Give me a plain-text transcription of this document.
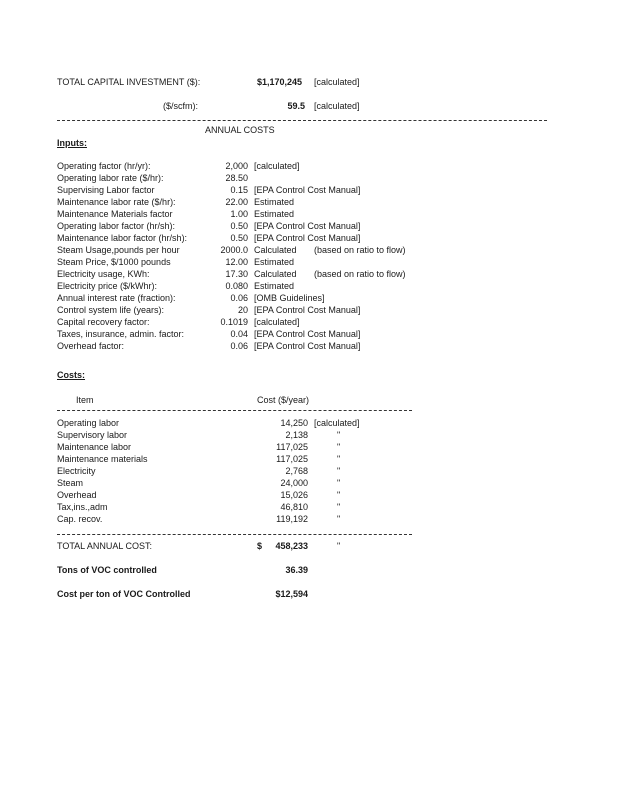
TOTAL CAPITAL INVESTMENT ($):	$1,170,245 [calculated]
($/scfm):	59.5 [calculated]
ANNUAL COSTS
Inputs:
Operating factor (hr/yr):	2,000 [calculated]
Operating labor rate ($/hr):	28.50
Supervising Labor factor	0.15 [EPA Control Cost Manual]
Maintenance labor rate ($/hr):	22.00 Estimated
Maintenance Materials factor	1.00 Estimated
Operating labor factor (hr/sh):	0.50 [EPA Control Cost Manual]
Maintenance labor factor (hr/sh):	0.50 [EPA Control Cost Manual]
Steam Usage,pounds per hour	2000.0 Calculated (based on ratio to flow)
Steam Price, $/1000 pounds	12.00 Estimated
Electricity usage, KWh:	17.30 Calculated (based on ratio to flow)
Electricity price ($/kWhr):	0.080 Estimated
Annual interest rate (fraction):	0.06 [OMB Guidelines]
Control system life (years):	20 [EPA Control Cost Manual]
Capital recovery factor:	0.1019 [calculated]
Taxes, insurance, admin. factor:	0.04 [EPA Control Cost Manual]
Overhead factor:	0.06 [EPA Control Cost Manual]
Costs:
Item	Cost ($/year)
Operating labor	14,250 [calculated]
Supervisory labor	2,138	"
Maintenance labor	117,025	"
Maintenance materials	117,025	"
Electricity	2,768	"
Steam	24,000	"
Overhead	15,026	"
Tax,ins.,adm	46,810	"
Cap. recov.	119,192	"
TOTAL ANNUAL COST:	$	458,233	"
Tons of VOC controlled	36.39
Cost per ton of VOC Controlled	$12,594
